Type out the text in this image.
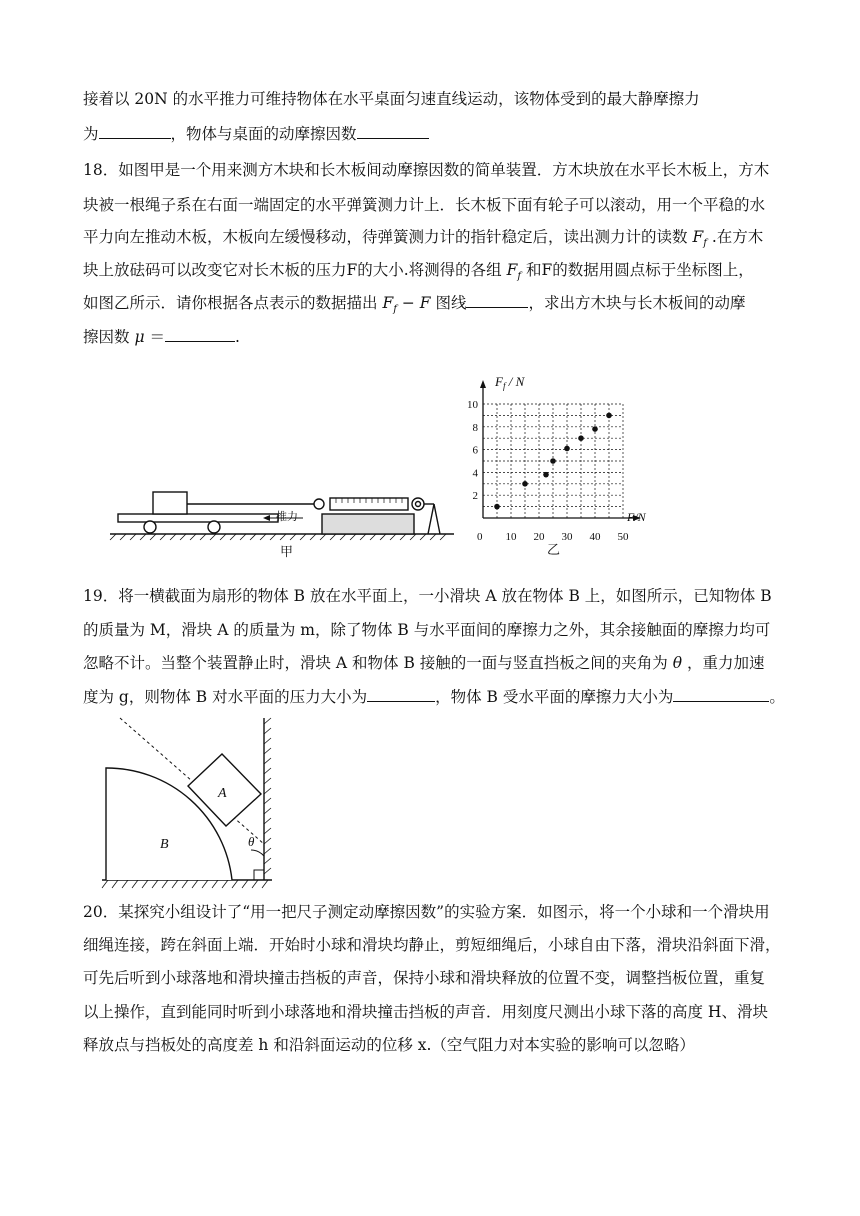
接着以 20N 的水平推力可维持物体在水平桌面匀速直线运动，该物体受到的最大静摩擦力
为	，物体与桌面的动摩擦因数
18．如图甲是一个用来测方木块和长木板间动摩擦因数的简单装置．方木块放在水平长木板上，方木
块被一根绳子系在右面一端固定的水平弹簧测力计上．长木板下面有轮子可以滚动，用一个平稳的水
平力向左推动木板，木板向左缓慢移动，待弹簧测力计的指针稳定后，读出测力计的读数 $F_f$ .在方木
块上放砝码可以改变它对长木板的压力F的大小.将测得的各组 $F_f$ 和F的数据用圆点标于坐标图上，
如图乙所示．请你根据各点表示的数据描出 $F_f - F$ 图线	，求出方木块与长木板间的动摩
擦因数 μ ＝	.
推力
甲
10 20 30 40 50
2
4
6
8
10
$F_f$ / N
F/N
0
乙
19．将一横截面为扇形的物体 B 放在水平面上，一小滑块 A 放在物体 B 上，如图所示，已知物体 B
的质量为 M，滑块 A 的质量为 m，除了物体 B 与水平面间的摩擦力之外，其余接触面的摩擦力均可
忽略不计。当整个装置静止时，滑块 A 和物体 B 接触的一面与竖直挡板之间的夹角为 θ ，重力加速
度为 g，则物体 B 对水平面的压力大小为	，物体 B 受水平面的摩擦力大小为	。
A
B	θ
20．某探究小组设计了“用一把尺子测定动摩擦因数”的实验方案．如图示，将一个小球和一个滑块用
细绳连接，跨在斜面上端．开始时小球和滑块均静止，剪短细绳后，小球自由下落，滑块沿斜面下滑，
可先后听到小球落地和滑块撞击挡板的声音，保持小球和滑块释放的位置不变，调整挡板位置，重复
以上操作，直到能同时听到小球落地和滑块撞击挡板的声音．用刻度尺测出小球下落的高度 H、滑块
释放点与挡板处的高度差 h 和沿斜面运动的位移 x.（空气阻力对本实验的影响可以忽略）
